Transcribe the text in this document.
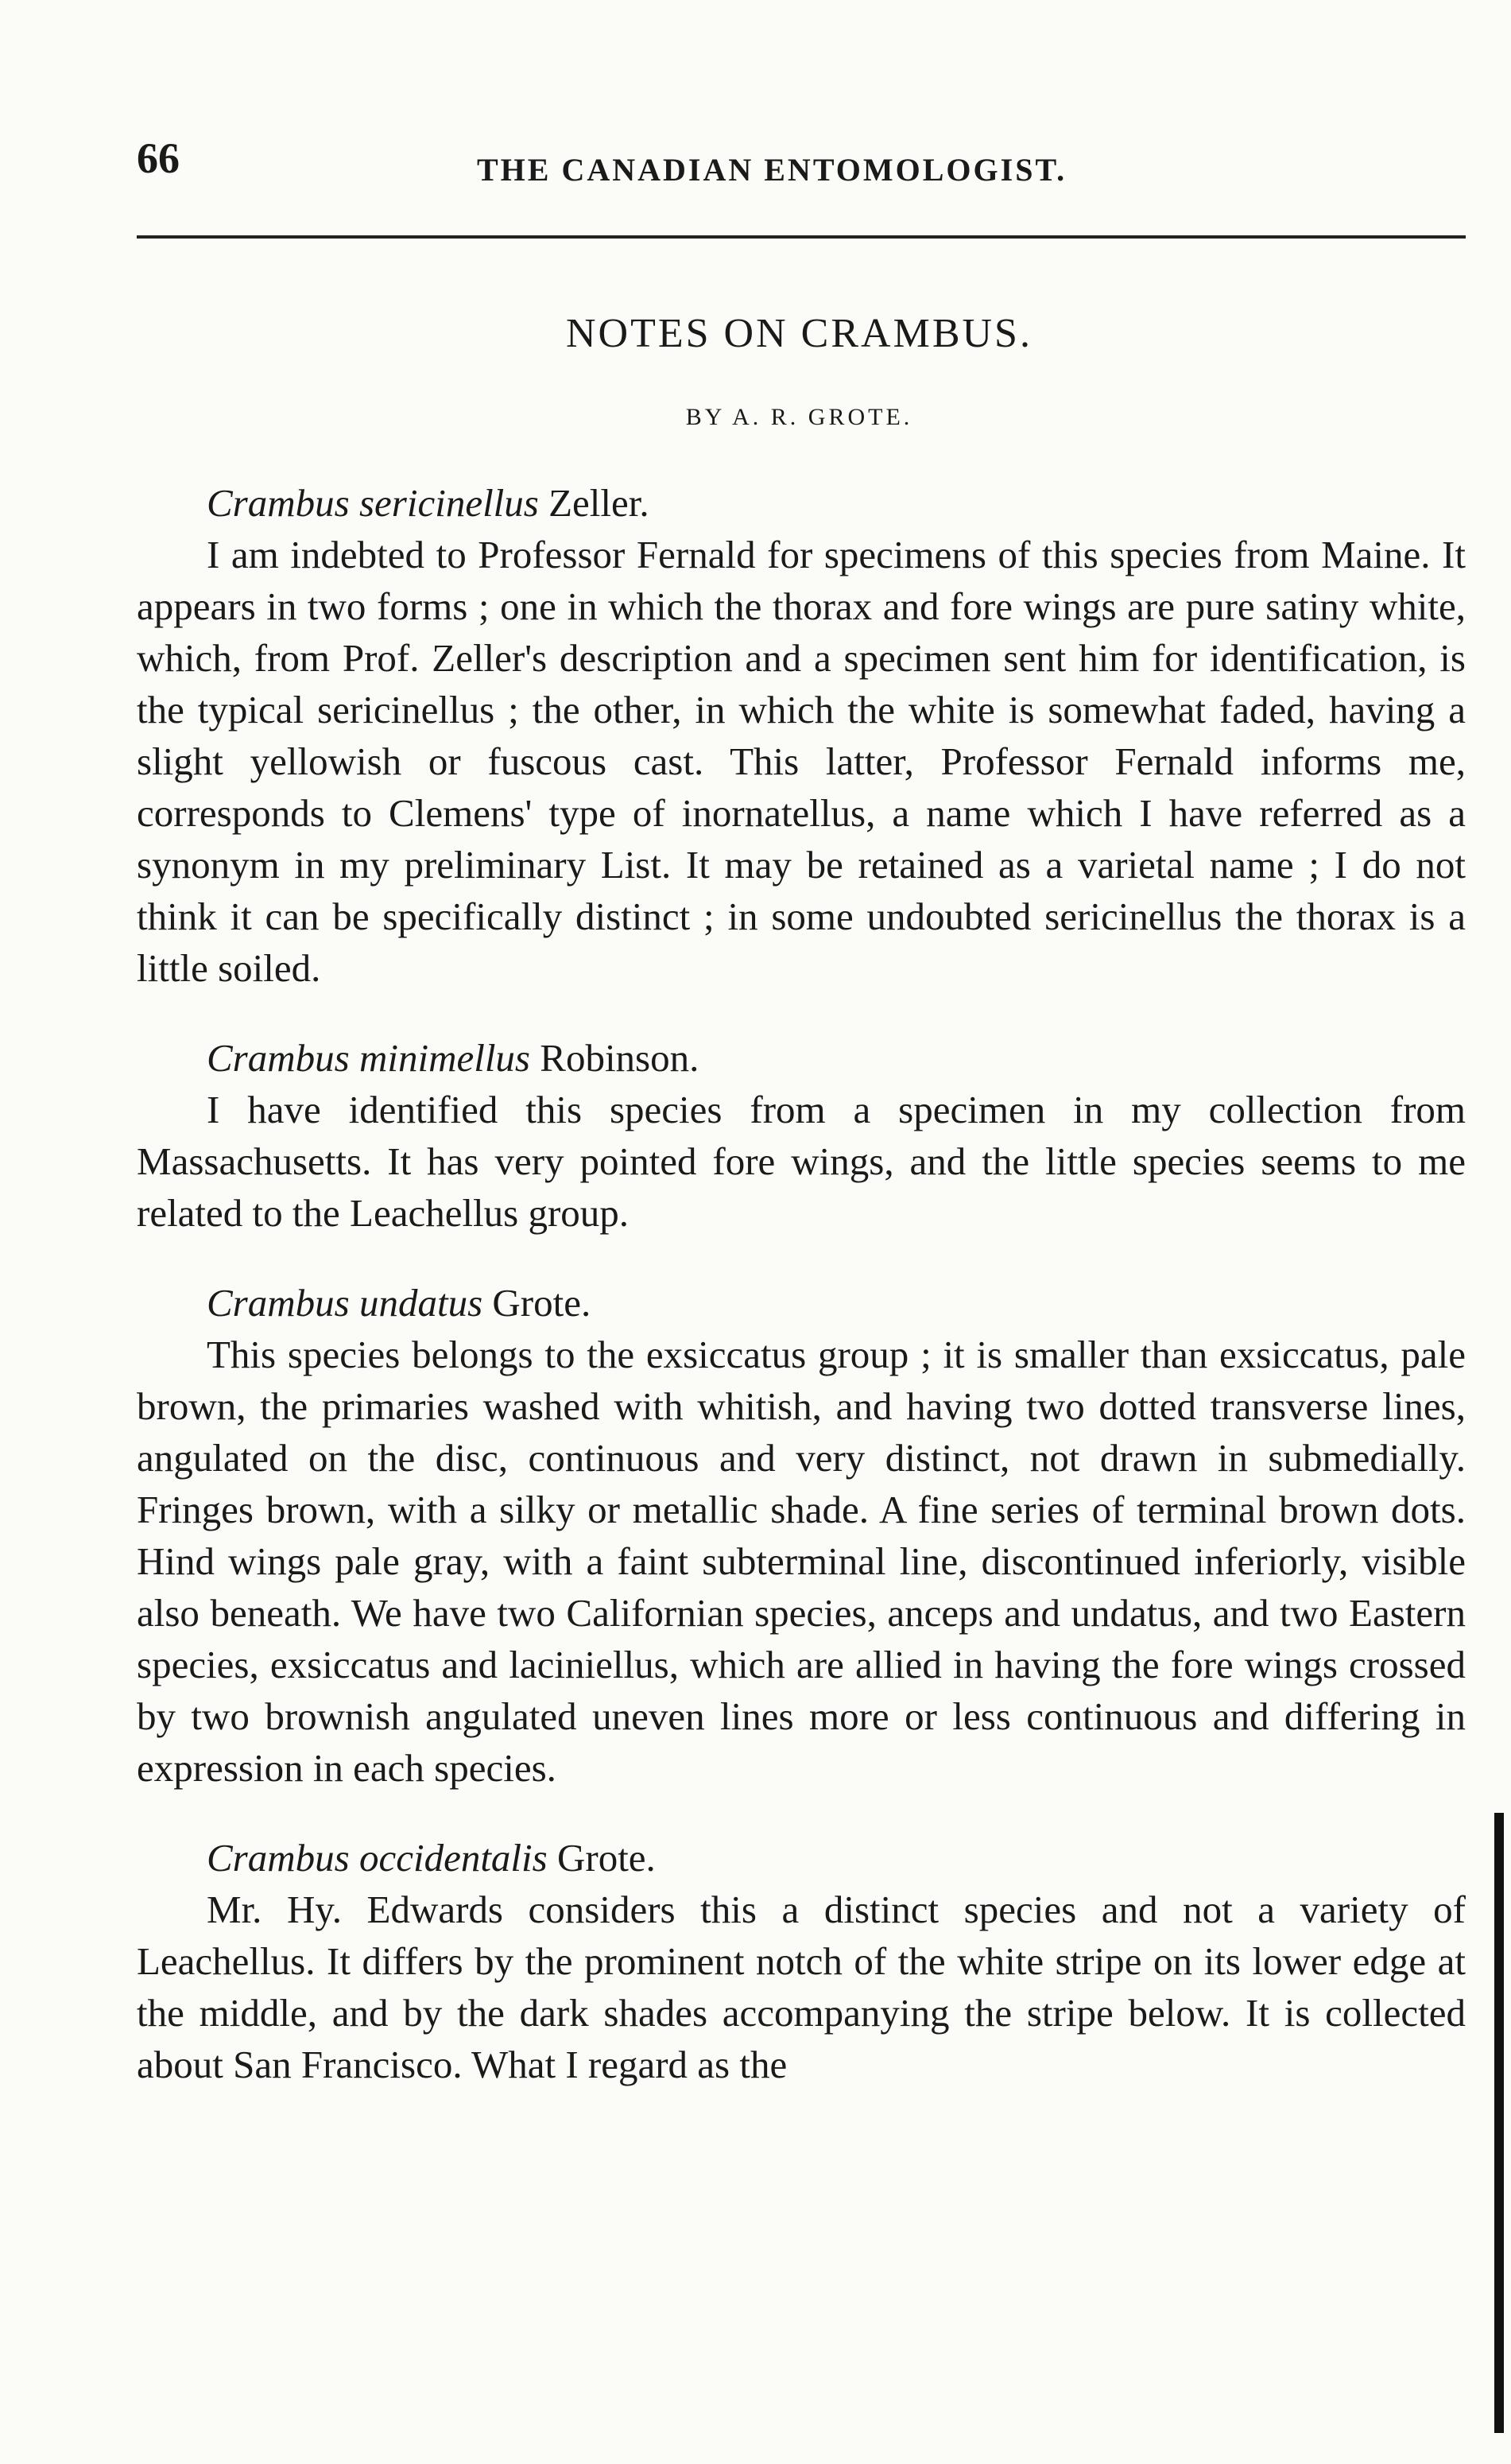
66	THE CANADIAN ENTOMOLOGIST.
NOTES ON CRAMBUS.
BY A. R. GROTE.

Crambus sericinellus Zeller.

I am indebted to Professor Fernald for specimens of this species from Maine. It appears in two forms ; one in which the thorax and fore wings are pure satiny white, which, from Prof. Zeller's description and a specimen sent him for identification, is the typical sericinellus ; the other, in which the white is somewhat faded, having a slight yellowish or fuscous cast. This latter, Professor Fernald informs me, corresponds to Clemens' type of inornatellus, a name which I have referred as a synonym in my preliminary List. It may be retained as a varietal name ; I do not think it can be specifically distinct ; in some undoubted sericinellus the thorax is a little soiled.

Crambus minimellus Robinson.

I have identified this species from a specimen in my collection from Massachusetts. It has very pointed fore wings, and the little species seems to me related to the Leachellus group.

Crambus undatus Grote.

This species belongs to the exsiccatus group ; it is smaller than exsiccatus, pale brown, the primaries washed with whitish, and having two dotted transverse lines, angulated on the disc, continuous and very distinct, not drawn in submedially. Fringes brown, with a silky or metallic shade. A fine series of terminal brown dots. Hind wings pale gray, with a faint subterminal line, discontinued inferiorly, visible also beneath. We have two Californian species, anceps and undatus, and two Eastern species, exsiccatus and laciniellus, which are allied in having the fore wings crossed by two brownish angulated uneven lines more or less continuous and differing in expression in each species.

Crambus occidentalis Grote.

Mr. Hy. Edwards considers this a distinct species and not a variety of Leachellus. It differs by the prominent notch of the white stripe on its lower edge at the middle, and by the dark shades accompanying the stripe below. It is collected about San Francisco. What I regard as the
